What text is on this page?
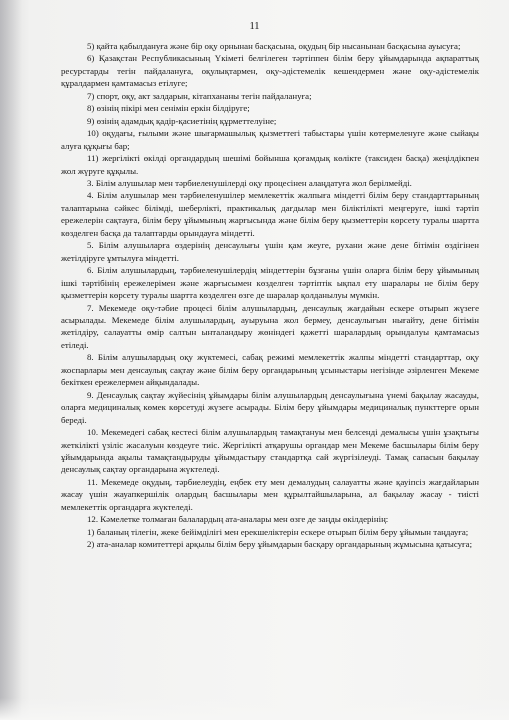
11

5) қайта қабылдануға және бір оқу орнынан басқасына, оқудың бір нысанынан басқасына ауысуға;

6) Қазақстан Республикасының Үкіметі белгілеген тәртіппен білім беру ұйымдарында ақпараттық ресурстарды тегін пайдалануға, оқулықтармен, оқу-әдістемелік кешендермен және оқу-әдістемелік құралдармен қамтамасыз етілуге;

7) спорт, оқу, акт залдарын, кітапхананы тегін пайдалануға;

8) өзінің пікірі мен сенімін еркін білдіруге;

9) өзінің адамдық қадір-қасиетінің құрметтелуіне;

10) оқудағы, ғылыми және шығармашылық қызметтегі табыстары үшін көтермеленуге және сыйақы алуға құқығы бар;

11) жергілікті өкілді органдардың шешімі бойынша қоғамдық көлікте (таксиден басқа) жеңілдікпен жол жүруге құқылы.

3. Білім алушылар мен тәрбиеленушілерді оқу процесінен алаңдатуға жол берілмейді.

4. Білім алушылар мен тәрбиеленушілер мемлекеттік жалпыға міндетті білім беру стандарттарының талаптарына сәйкес білімді, шеберлікті, практикалық дағдылар мен біліктілікті меңгеруге, ішкі тәртіп ережелерін сақтауға, білім беру ұйымының жарғысында және білім беру қызметтерін көрсету туралы шартта көзделген басқа да талаптарды орындауға міндетті.

5. Білім алушыларға өздерінің денсаулығы үшін қам жеуге, рухани және дене бітімін өздігінен жетілдіруге ұмтылуға міндетті.

6. Білім алушылардың, тәрбиеленушілердің міндеттерін бұзғаны үшін оларға білім беру ұйымының ішкі тәртібінің ережелерімен және жарғысымен көзделген тәртіптік ықпал ету шаралары не білім беру қызметтерін көрсету туралы шартта көзделген өзге де шаралар қолданылуы мүмкін.

7. Мекемеде оқу-тәбие процесі білім алушылардың, денсаулық жағдайын ескере отырып жүзеге асырылады. Мекемеде білім алушылардың, ауыруына жол бермеу, денсаулығын нығайту, дене бітімін жетілдіру, салауатты өмір салтын ынталандыру жөніндегі қажетті шаралардың орындалуы қамтамасыз етіледі.

8. Білім алушылардың оқу жүктемесі, сабақ режимі мемлекеттік жалпы міндетті стандарттар, оқу жоспарлары мен денсаулық сақтау және білім беру органдарының ұсыныстары негізінде әзірленген Мекеме бекіткен ережелермен айқындалады.

9. Денсаулық сақтау жүйесінің ұйымдары білім алушылардың денсаулығына үнемі бақылау жасауды, оларға медициналық көмек көрсетуді жүзеге асырады. Білім беру ұйымдары медициналық пункттерге орын береді.

10. Мекемедегі сабақ кестесі білім алушылардың тамақтануы мен белсенді демалысы үшін ұзақтығы жеткілікті үзіліс жасалуын көздеуге тиіс. Жергілікті атқарушы органдар мен Мекеме басшылары білім беру ұйымдарында ақылы тамақтандыруды ұйымдастыру стандартқа сай жүргізілеуді. Тамақ сапасын бақылау денсаулық сақтау органдарына жүктеледі.

11. Мекемеде оқудың, тәрбиелеудің, еңбек ету мен демалудың салауатты және қауіпсіз жағдайларын жасау үшін жауапкершілік олардың басшылары мен құрылтайшыларына, ал бақылау жасау - тиісті мемлекеттік органдарға жүктеледі.

12. Кәмелетке толмаған балалардың ата-аналары мен өзге де заңды өкілдерінің:

1) баланың тілегін, жеке бейімділігі мен ерекшеліктерін ескере отырып білім беру ұйымын таңдауға;

2) ата-аналар комитеттері арқылы білім беру ұйымдарын басқару органдарының жұмысына қатысуға;
